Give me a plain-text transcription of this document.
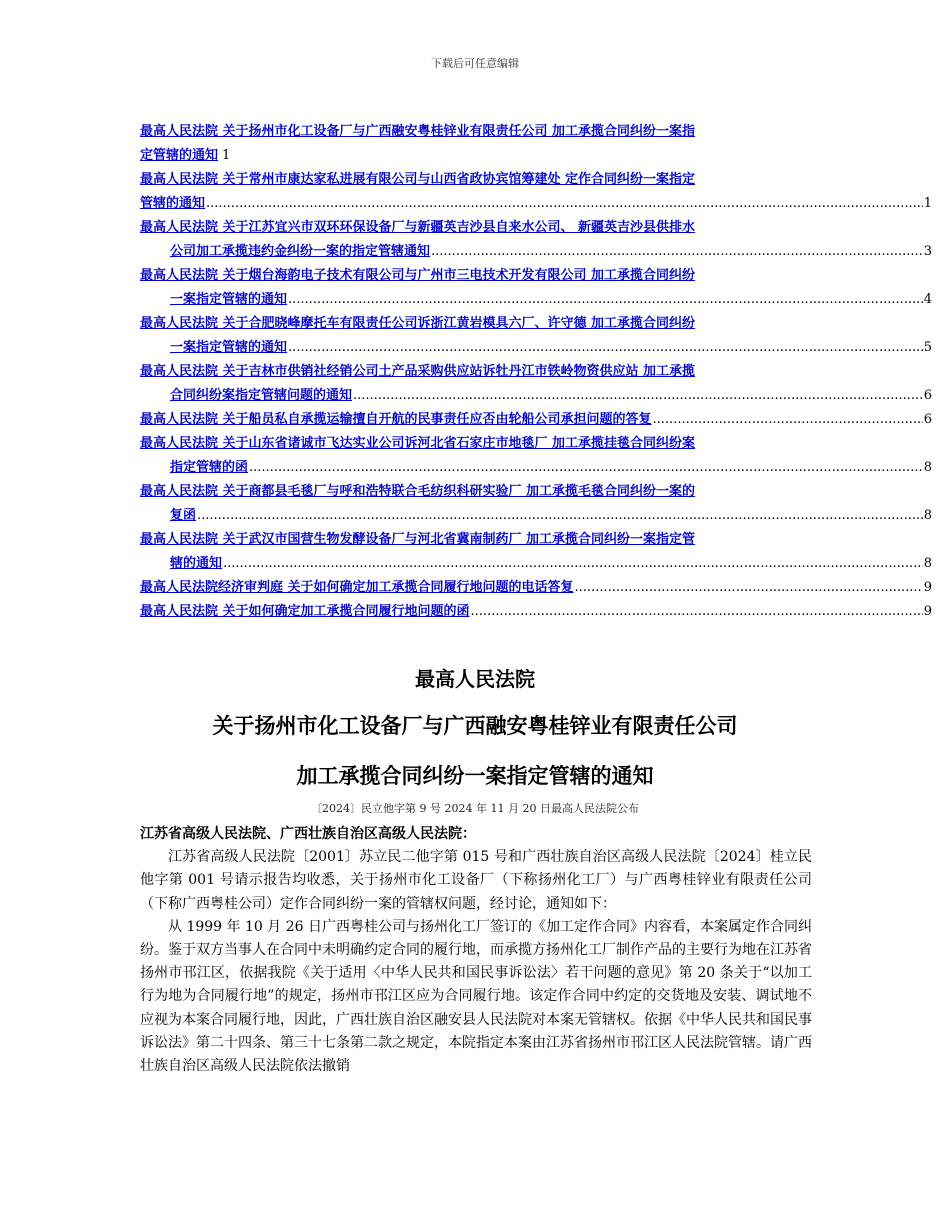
下载后可任意编辑
最高人民法院 关于扬州市化工设备厂与广西融安粤桂锌业有限责任公司 加工承揽合同纠纷一案指
定管辖的通知 1
最高人民法院 关于常州市康达家私进展有限公司与山西省政协宾馆筹建处 定作合同纠纷一案指定
管辖的通知 .....	1
最高人民法院 关于江苏宜兴市双环环保设备厂与新疆英吉沙县自来水公司、 新疆英吉沙县供排水
公司加工承揽违约金纠纷一案的指定管辖通知 .....	3
最高人民法院 关于烟台海韵电子技术有限公司与广州市三电技术开发有限公司 加工承揽合同纠纷
一案指定管辖的通知 .....	4
最高人民法院 关于合肥晓峰摩托车有限责任公司诉浙江黄岩模具六厂、许守德 加工承揽合同纠纷
一案指定管辖的通知 .....	5
最高人民法院 关于吉林市供销社经销公司土产品采购供应站诉牡丹江市铁岭物资供应站 加工承揽
合同纠纷案指定管辖问题的通知 .....	6
最高人民法院 关于船员私自承揽运输擅自开航的民事责任应否由轮船公司承担问题的答复 .....	6
最高人民法院 关于山东省诸诚市飞达实业公司诉河北省石家庄市地毯厂 加工承揽挂毯合同纠纷案
指定管辖的函 .....	8
最高人民法院 关于商都县毛毯厂与呼和浩特联合毛纺织科研实验厂 加工承揽毛毯合同纠纷一案的
复函 .....	8
最高人民法院 关于武汉市国营生物发酵设备厂与河北省冀南制药厂 加工承揽合同纠纷一案指定管
辖的通知 .....	8
最高人民法院经济审判庭 关于如何确定加工承揽合同履行地问题的电话答复 .....	9
最高人民法院 关于如何确定加工承揽合同履行地问题的函 .....	9
最高人民法院
关于扬州市化工设备厂与广西融安粤桂锌业有限责任公司
加工承揽合同纠纷一案指定管辖的通知
〔2024〕民立他字第 9 号 2024 年 11 月 20 日最高人民法院公布
江苏省高级人民法院、广西壮族自治区高级人民法院：

江苏省高级人民法院〔2001〕苏立民二他字第 015 号和广西壮族自治区高级人民法院〔2024〕桂立民他字第 001 号请示报告均收悉，关于扬州市化工设备厂（下称扬州化工厂）与广西粤桂锌业有限责任公司（下称广西粤桂公司）定作合同纠纷一案的管辖权问题，经讨论，通知如下：

从 1999 年 10 月 26 日广西粤桂公司与扬州化工厂签订的《加工定作合同》内容看，本案属定作合同纠纷。鉴于双方当事人在合同中未明确约定合同的履行地，而承揽方扬州化工厂制作产品的主要行为地在江苏省扬州市邗江区，依据我院《关于适用〈中华人民共和国民事诉讼法〉若干问题的意见》第 20 条关于“以加工行为地为合同履行地”的规定，扬州市邗江区应为合同履行地。该定作合同中约定的交货地及安装、调试地不应视为本案合同履行地，因此，广西壮族自治区融安县人民法院对本案无管辖权。依据《中华人民共和国民事诉讼法》第二十四条、第三十七条第二款之规定，本院指定本案由江苏省扬州市邗江区人民法院管辖。请广西壮族自治区高级人民法院依法撤销
